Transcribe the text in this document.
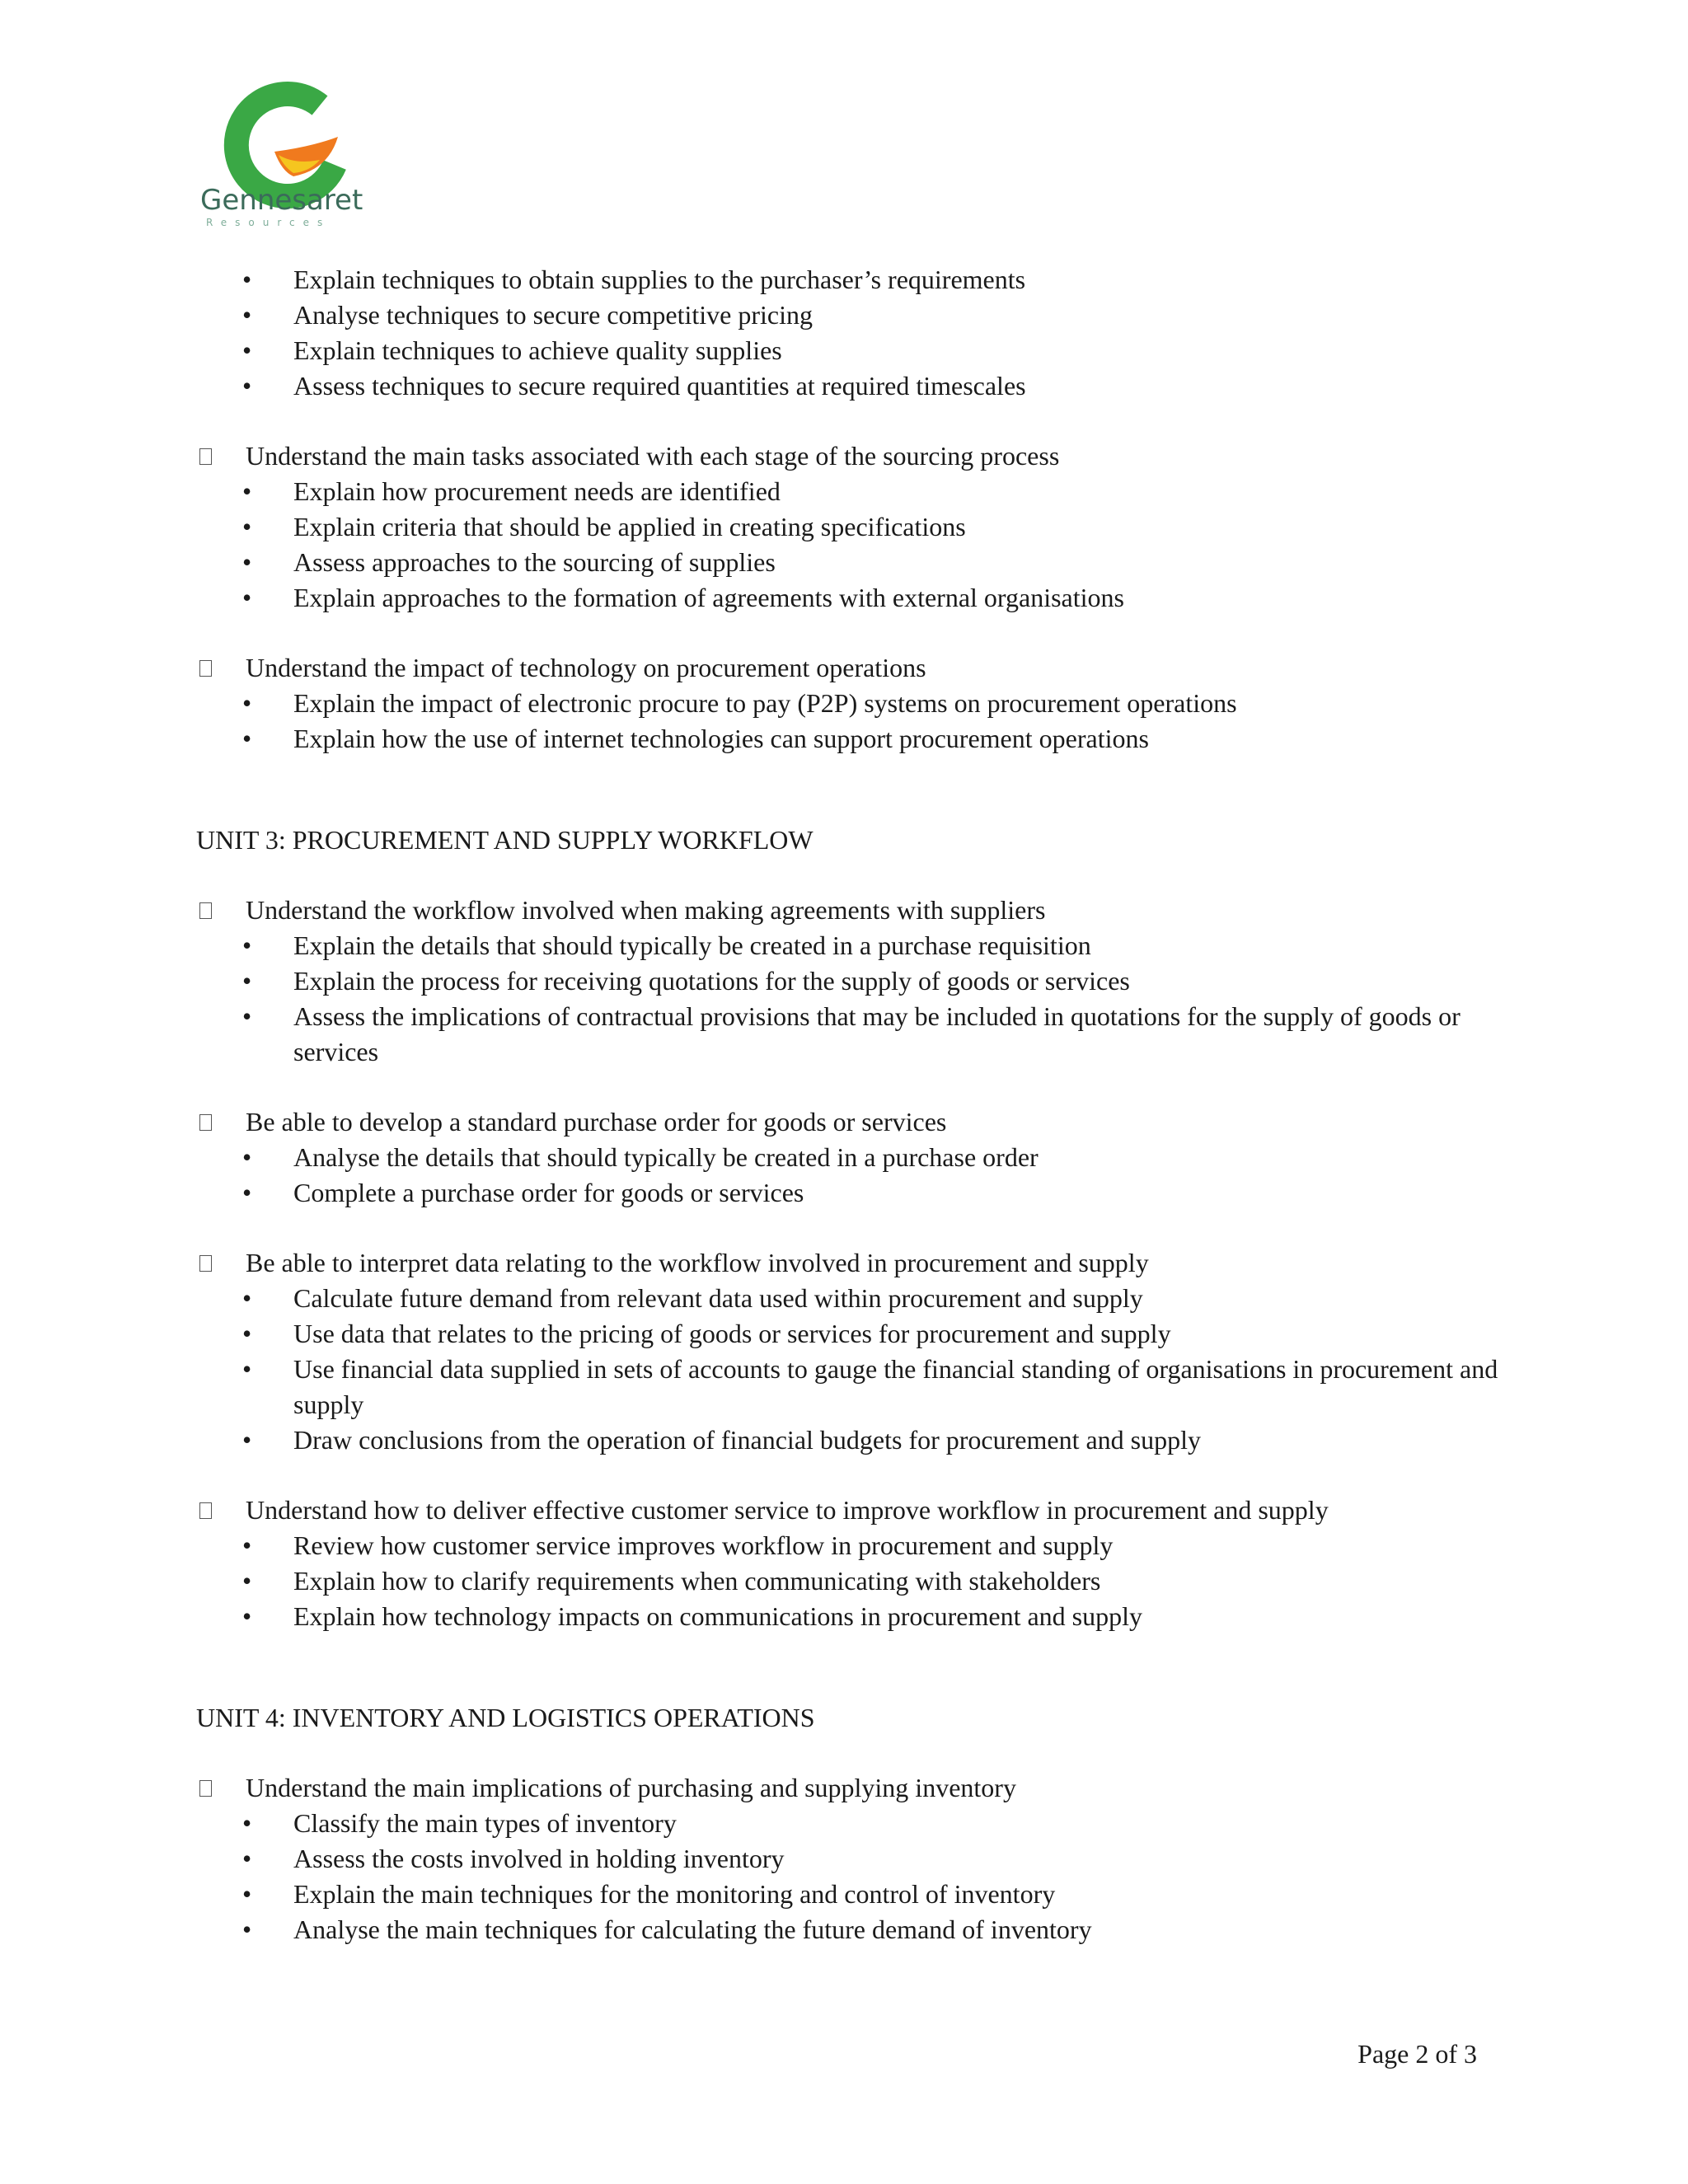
Gennesaret
Resources
• Explain techniques to obtain supplies to the purchaser’s requirements
• Analyse techniques to secure competitive pricing
• Explain techniques to achieve quality supplies
• Assess techniques to secure required quantities at required timescales
Understand the main tasks associated with each stage of the sourcing process
• Explain how procurement needs are identified
• Explain criteria that should be applied in creating specifications
• Assess approaches to the sourcing of supplies
• Explain approaches to the formation of agreements with external organisations
Understand the impact of technology on procurement operations
• Explain the impact of electronic procure to pay (P2P) systems on procurement operations
• Explain how the use of internet technologies can support procurement operations
UNIT 3: PROCUREMENT AND SUPPLY WORKFLOW
Understand the workflow involved when making agreements with suppliers
• Explain the details that should typically be created in a purchase requisition
• Explain the process for receiving quotations for the supply of goods or services
• Assess the implications of contractual provisions that may be included in quotations for the supply of goods or services
Be able to develop a standard purchase order for goods or services
• Analyse the details that should typically be created in a purchase order
• Complete a purchase order for goods or services
Be able to interpret data relating to the workflow involved in procurement and supply
• Calculate future demand from relevant data used within procurement and supply
• Use data that relates to the pricing of goods or services for procurement and supply
• Use financial data supplied in sets of accounts to gauge the financial standing of organisations in procurement and supply
• Draw conclusions from the operation of financial budgets for procurement and supply
Understand how to deliver effective customer service to improve workflow in procurement and supply
• Review how customer service improves workflow in procurement and supply
• Explain how to clarify requirements when communicating with stakeholders
• Explain how technology impacts on communications in procurement and supply
UNIT 4: INVENTORY AND LOGISTICS OPERATIONS
Understand the main implications of purchasing and supplying inventory
• Classify the main types of inventory
• Assess the costs involved in holding inventory
• Explain the main techniques for the monitoring and control of inventory
• Analyse the main techniques for calculating the future demand of inventory
Page 2 of 3
